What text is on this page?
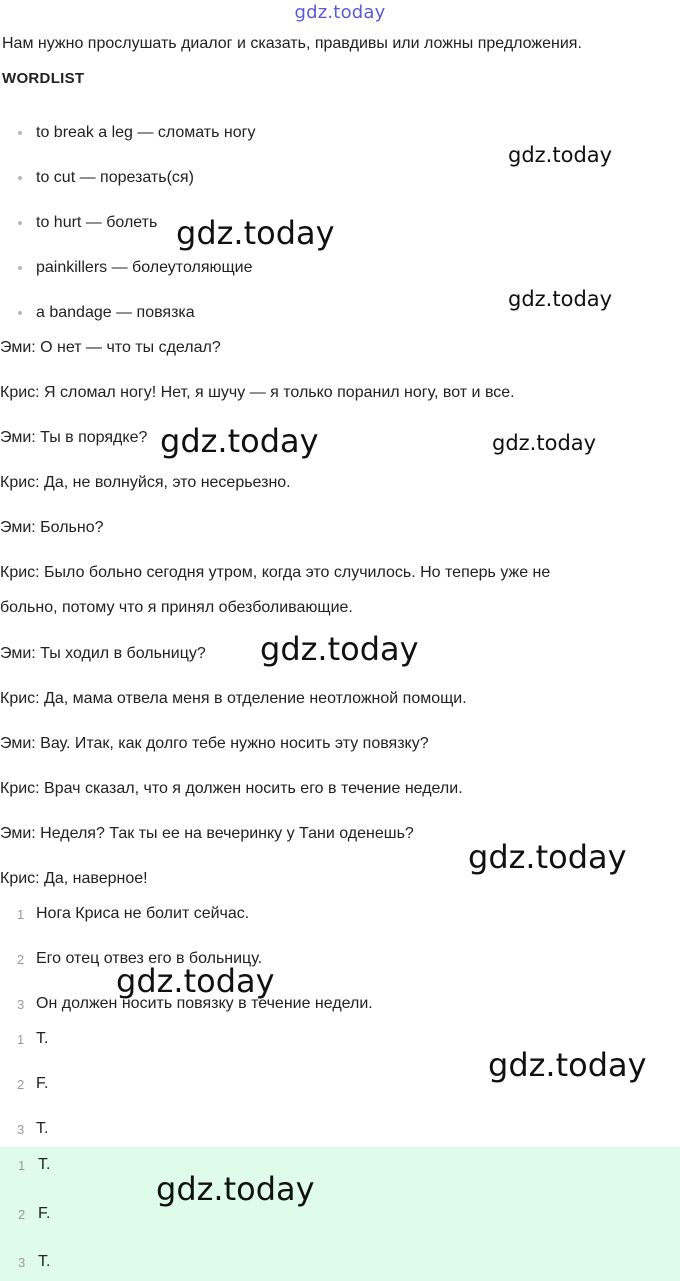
gdz.today
Нам нужно прослушать диалог и сказать, правдивы или ложны предложения.
WORDLIST
to break a leg — сломать ногу
to cut — порезать(ся)
to hurt — болеть
painkillers — болеутоляющие
a bandage — повязка
Эми: О нет — что ты сделал?
Крис: Я сломал ногу! Нет, я шучу — я только поранил ногу, вот и все.
Эми: Ты в порядке?
Крис: Да, не волнуйся, это несерьезно.
Эми: Больно?
Крис: Было больно сегодня утром, когда это случилось. Но теперь уже не
больно, потому что я принял обезболивающие.
Эми: Ты ходил в больницу?
Крис: Да, мама отвела меня в отделение неотложной помощи.
Эми: Вау. Итак, как долго тебе нужно носить эту повязку?
Крис: Врач сказал, что я должен носить его в течение недели.
Эми: Неделя? Так ты ее на вечеринку у Тани оденешь?
Крис: Да, наверное!
1 Нога Криса не болит сейчас.
2 Его отец отвез его в больницу.
3 Он должен носить повязку в течение недели.
1 T.
2 F.
3 T.
1 T.
2 F.
3 T.
gdz.today
gdz.today
gdz.today
gdz.today	gdz.today
gdz.today
gdz.today
gdz.today
gdz.today
gdz.today
